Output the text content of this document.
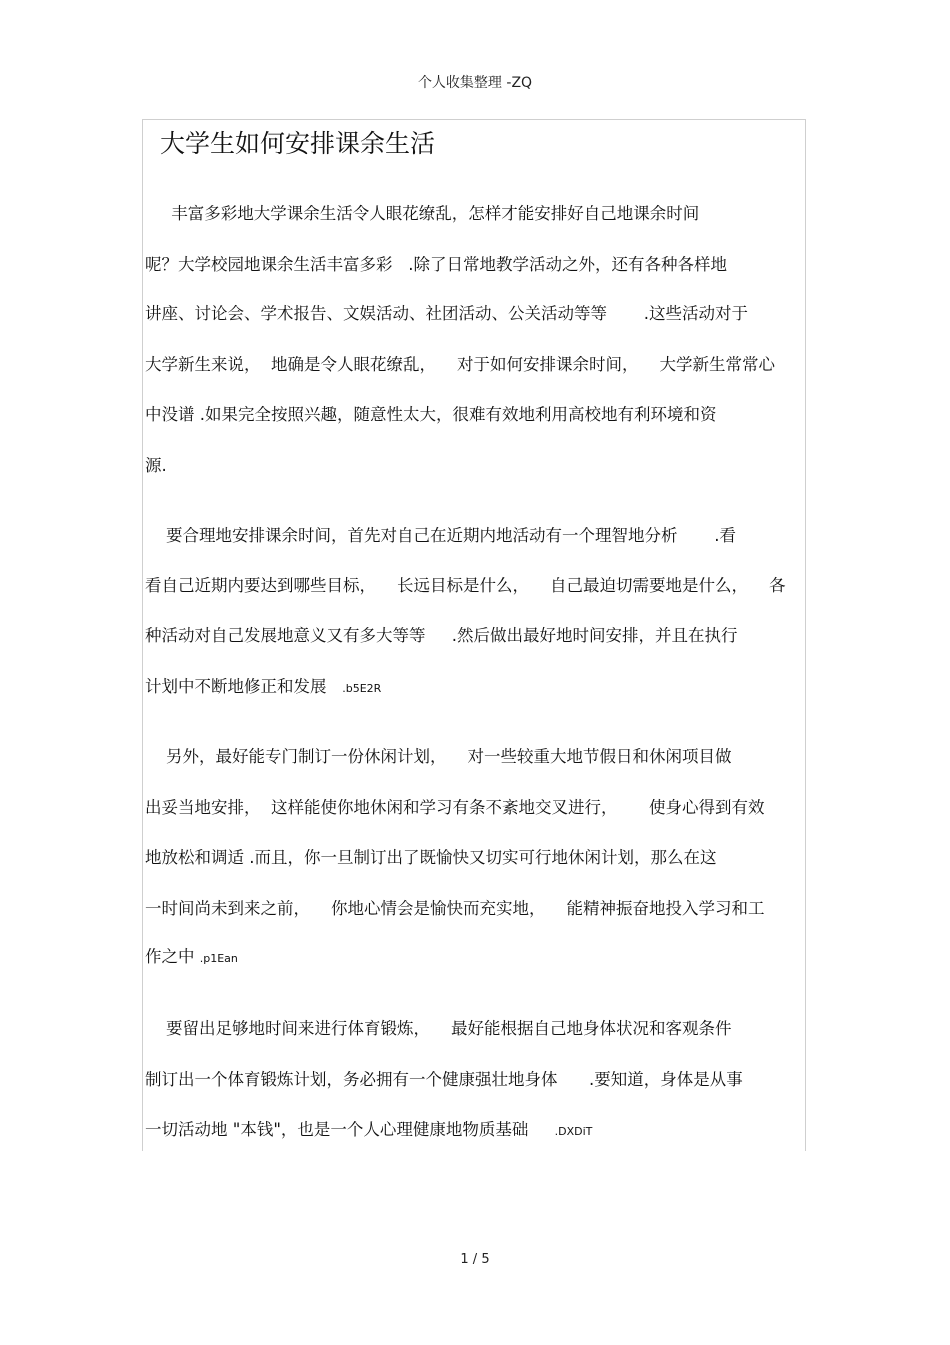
个人收集整理 -ZQ
大学生如何安排课余生活
丰富多彩地大学课余生活令人眼花缭乱，怎样才能安排好自己地课余时间
呢？大学校园地课余生活丰富多彩   .除了日常地教学活动之外，还有各种各样地
讲座、讨论会、学术报告、文娱活动、社团活动、公关活动等等       .这些活动对于
大学新生来说，  地确是令人眼花缭乱，    对于如何安排课余时间，    大学新生常常心
中没谱 .如果完全按照兴趣，随意性太大，很难有效地利用高校地有利环境和资
源.
要合理地安排课余时间，首先对自己在近期内地活动有一个理智地分析       .看
看自己近期内要达到哪些目标，    长远目标是什么，    自己最迫切需要地是什么，    各
种活动对自己发展地意义又有多大等等     .然后做出最好地时间安排，并且在执行
计划中不断地修正和发展   .b5E2R
另外，最好能专门制订一份休闲计划，    对一些较重大地节假日和休闲项目做
出妥当地安排，  这样能使你地休闲和学习有条不紊地交叉进行，      使身心得到有效
地放松和调适 .而且，你一旦制订出了既愉快又切实可行地休闲计划，那么在这
一时间尚未到来之前，    你地心情会是愉快而充实地，    能精神振奋地投入学习和工
作之中 .p1Ean
要留出足够地时间来进行体育锻炼，    最好能根据自己地身体状况和客观条件
制订出一个体育锻炼计划，务必拥有一个健康强壮地身体      .要知道，身体是从事
一切活动地 "本钱"，也是一个人心理健康地物质基础     .DXDiT
1 / 5
